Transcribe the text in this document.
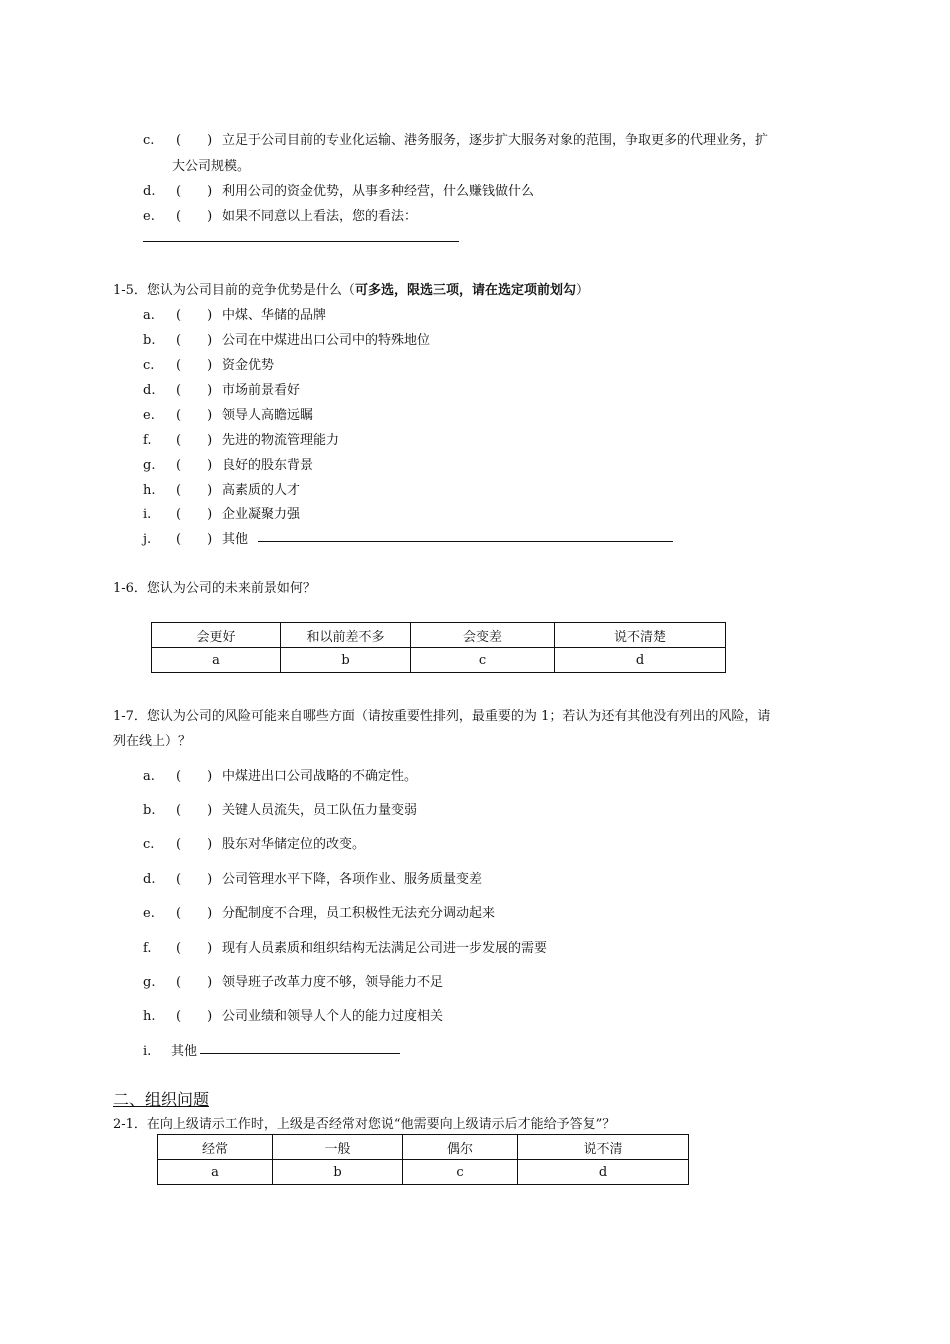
c. (　　) 立足于公司目前的专业化运输、港务服务，逐步扩大服务对象的范围，争取更多的代理业务，扩
大公司规模。
d. (　　) 利用公司的资金优势，从事多种经营，什么赚钱做什么
e. (　　) 如果不同意以上看法，您的看法：
1-5．您认为公司目前的竞争优势是什么（可多选，限选三项，请在选定项前划勾）
a. (　　) 中煤、华储的品牌
b. (　　) 公司在中煤进出口公司中的特殊地位
c. (　　) 资金优势
d. (　　) 市场前景看好
e. (　　) 领导人高瞻远瞩
f. (　　) 先进的物流管理能力
g. (　　) 良好的股东背景
h. (　　) 高素质的人才
i. (　　) 企业凝聚力强
j. (　　) 其他
1-6．您认为公司的未来前景如何？
会更好	和以前差不多	会变差	说不清楚
a	b	c	d
1-7．您认为公司的风险可能来自哪些方面（请按重要性排列，最重要的为 1；若认为还有其他没有列出的风险，请
列在线上）？
a. (　　) 中煤进出口公司战略的不确定性。
b. (　　) 关键人员流失，员工队伍力量变弱
c. (　　) 股东对华储定位的改变。
d. (　　) 公司管理水平下降，各项作业、服务质量变差
e. (　　) 分配制度不合理，员工积极性无法充分调动起来
f. (　　) 现有人员素质和组织结构无法满足公司进一步发展的需要
g. (　　) 领导班子改革力度不够，领导能力不足
h. (　　) 公司业绩和领导人个人的能力过度相关
i. 其他
二、组织问题
2-1．在向上级请示工作时，上级是否经常对您说“他需要向上级请示后才能给予答复”？
经常	一般	偶尔	说不清
a	b	c	d
